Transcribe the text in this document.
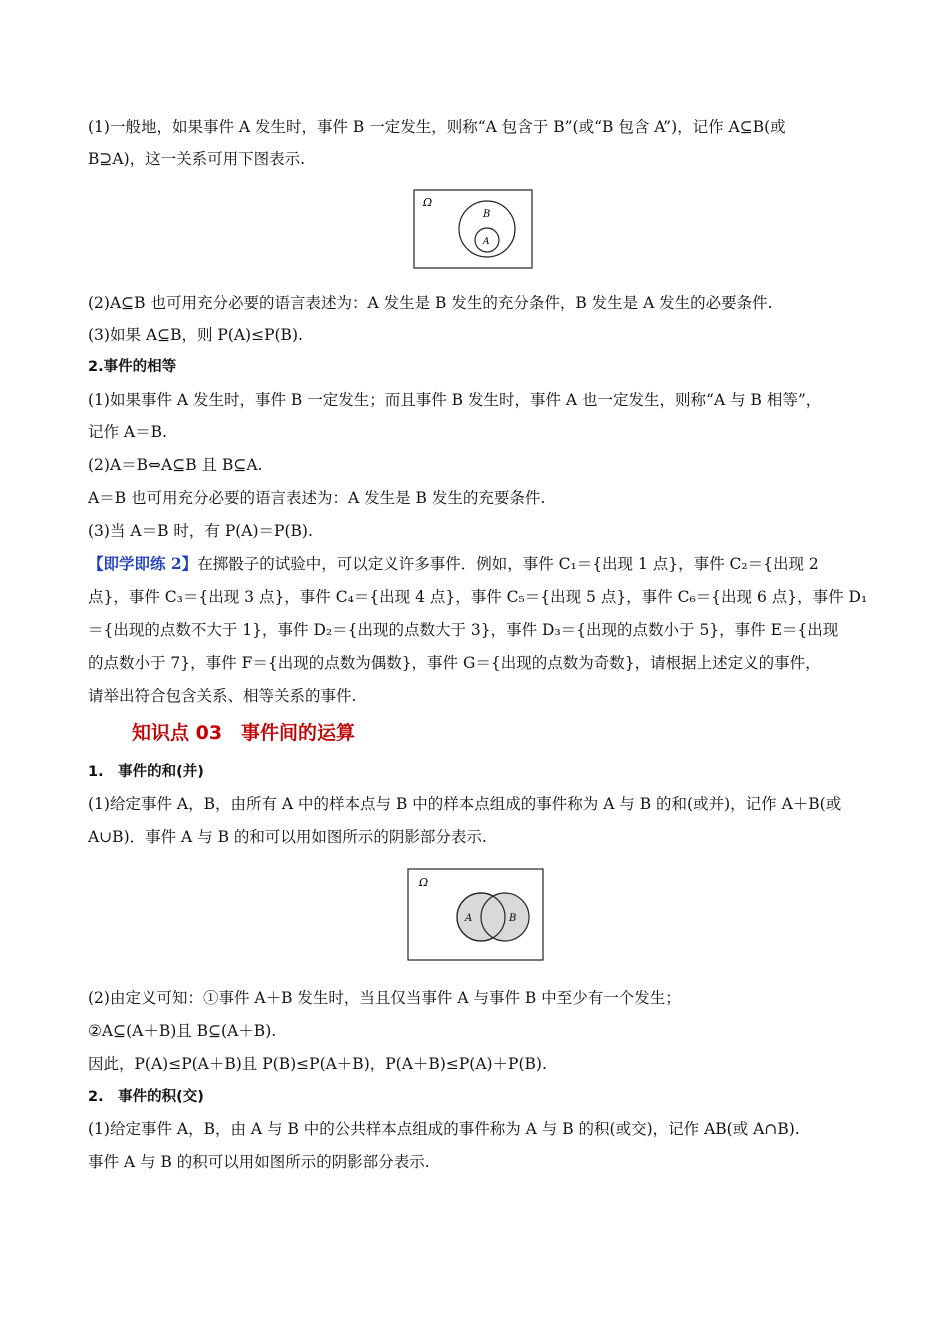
(1)一般地，如果事件 A 发生时，事件 B 一定发生，则称“A 包含于 B”(或“B 包含 A”)，记作 A⊆B(或
B⊇A)，这一关系可用下图表示.
Ω
B
A
(2)A⊆B 也可用充分必要的语言表述为：A 发生是 B 发生的充分条件，B 发生是 A 发生的必要条件.
(3)如果 A⊆B，则 P(A)≤P(B).
2.事件的相等
(1)如果事件 A 发生时，事件 B 一定发生；而且事件 B 发生时，事件 A 也一定发生，则称“A 与 B 相等”，
记作 A＝B.
(2)A＝B⇔A⊆B 且 B⊆A.
A＝B 也可用充分必要的语言表述为：A 发生是 B 发生的充要条件.
(3)当 A＝B 时，有 P(A)＝P(B).
【即学即练 2】在掷骰子的试验中，可以定义许多事件．例如，事件 C₁＝{出现 1 点}，事件 C₂＝{出现 2
点}，事件 C₃＝{出现 3 点}，事件 C₄＝{出现 4 点}，事件 C₅＝{出现 5 点}，事件 C₆＝{出现 6 点}，事件 D₁
＝{出现的点数不大于 1}，事件 D₂＝{出现的点数大于 3}，事件 D₃＝{出现的点数小于 5}，事件 E＝{出现
的点数小于 7}，事件 F＝{出现的点数为偶数}，事件 G＝{出现的点数为奇数}，请根据上述定义的事件，
请举出符合包含关系、相等关系的事件.
知识点 03　事件间的运算
1.　事件的和(并)
(1)给定事件 A，B，由所有 A 中的样本点与 B 中的样本点组成的事件称为 A 与 B 的和(或并)，记作 A＋B(或
A∪B)．事件 A 与 B 的和可以用如图所示的阴影部分表示.
Ω
A	B
(2)由定义可知：①事件 A＋B 发生时，当且仅当事件 A 与事件 B 中至少有一个发生；
②A⊆(A＋B)且 B⊆(A＋B).
因此，P(A)≤P(A＋B)且 P(B)≤P(A＋B)，P(A＋B)≤P(A)＋P(B).
2.　事件的积(交)
(1)给定事件 A，B，由 A 与 B 中的公共样本点组成的事件称为 A 与 B 的积(或交)，记作 AB(或 A∩B).
事件 A 与 B 的积可以用如图所示的阴影部分表示.
